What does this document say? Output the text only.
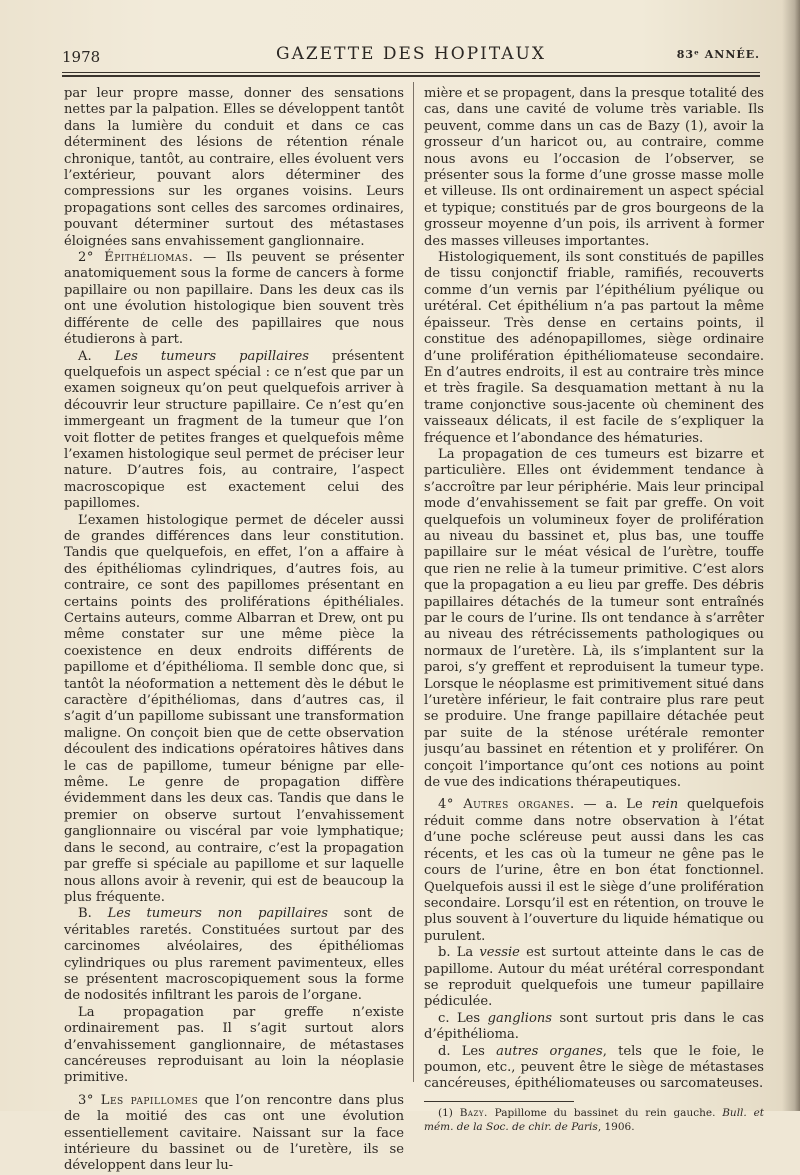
1978	GAZETTE DES HOPITAUX	83ᵉ ANNÉE.

par leur propre masse, donner des sensations nettes par la palpation. Elles se développent tantôt dans la lumière du conduit et dans ce cas déterminent des lésions de rétention rénale chronique, tantôt, au contraire, elles évoluent vers l’extérieur, pouvant alors déterminer des compressions sur les organes voisins. Leurs propagations sont celles des sarcomes ordinaires, pouvant déterminer surtout des métastases éloignées sans envahissement ganglionnaire.

2° Épithéliomas. — Ils peuvent se présenter anatomiquement sous la forme de cancers à forme papillaire ou non papillaire. Dans les deux cas ils ont une évolution histologique bien souvent très différente de celle des papillaires que nous étudierons à part.

A. Les tumeurs papillaires présentent quelquefois un aspect spécial : ce n’est que par un examen soigneux qu’on peut quelquefois arriver à découvrir leur structure papillaire. Ce n’est qu’en immergeant un fragment de la tumeur que l’on voit flotter de petites franges et quelquefois même l’examen histologique seul permet de préciser leur nature. D’autres fois, au contraire, l’aspect macroscopique est exactement celui des papillomes.

L’examen histologique permet de déceler aussi de grandes différences dans leur constitution. Tandis que quelquefois, en effet, l’on a affaire à des épithéliomas cylindriques, d’autres fois, au contraire, ce sont des papillomes présentant en certains points des proliférations épithéliales. Certains auteurs, comme Albarran et Drew, ont pu même constater sur une même pièce la coexistence en deux endroits différents de papillome et d’épithélioma. Il semble donc que, si tantôt la néoformation a nettement dès le début le caractère d’épithéliomas, dans d’autres cas, il s’agit d’un papillome subissant une transformation maligne. On conçoit bien que de cette observation découlent des indications opératoires hâtives dans le cas de papillome, tumeur bénigne par elle-même. Le genre de propagation diffère évidemment dans les deux cas. Tandis que dans le premier on observe surtout l’envahissement ganglionnaire ou viscéral par voie lymphatique; dans le second, au contraire, c’est la propagation par greffe si spéciale au papillome et sur laquelle nous allons avoir à revenir, qui est de beaucoup la plus fréquente.

B. Les tumeurs non papillaires sont de véritables raretés. Constituées surtout par des carcinomes alvéolaires, des épithéliomas cylindriques ou plus rarement pavimenteux, elles se présentent macroscopiquement sous la forme de nodosités infiltrant les parois de l’organe.

La propagation par greffe n’existe ordinairement pas. Il s’agit surtout alors d’envahissement ganglionnaire, de métastases cancéreuses reproduisant au loin la néoplasie primitive.

3° Les papillomes que l’on rencontre dans plus de la moitié des cas ont une évolution essentiellement cavitaire. Naissant sur la face intérieure du bassinet ou de l’uretère, ils se développent dans leur lu-

mière et se propagent, dans la presque totalité des cas, dans une cavité de volume très variable. Ils peuvent, comme dans un cas de Bazy (1), avoir la grosseur d’un haricot ou, au contraire, comme nous avons eu l’occasion de l’observer, se présenter sous la forme d’une grosse masse molle et villeuse. Ils ont ordinairement un aspect spécial et typique; constitués par de gros bourgeons de la grosseur moyenne d’un pois, ils arrivent à former des masses villeuses importantes.

Histologiquement, ils sont constitués de papilles de tissu conjonctif friable, ramifiés, recouverts comme d’un vernis par l’épithélium pyélique ou urétéral. Cet épithélium n’a pas partout la même épaisseur. Très dense en certains points, il constitue des adénopapillomes, siège ordinaire d’une prolifération épithéliomateuse secondaire. En d’autres endroits, il est au contraire très mince et très fragile. Sa desquamation mettant à nu la trame conjonctive sous-jacente où cheminent des vaisseaux délicats, il est facile de s’expliquer la fréquence et l’abondance des hématuries.

La propagation de ces tumeurs est bizarre et particulière. Elles ont évidemment tendance à s’accroître par leur périphérie. Mais leur principal mode d’envahissement se fait par greffe. On voit quelquefois un volumineux foyer de prolifération au niveau du bassinet et, plus bas, une touffe papillaire sur le méat vésical de l’urètre, touffe que rien ne relie à la tumeur primitive. C’est alors que la propagation a eu lieu par greffe. Des débris papillaires détachés de la tumeur sont entraînés par le cours de l’urine. Ils ont tendance à s’arrêter au niveau des rétrécissements pathologiques ou normaux de l’uretère. Là, ils s’implantent sur la paroi, s’y greffent et reproduisent la tumeur type. Lorsque le néoplasme est primitivement situé dans l’uretère inférieur, le fait contraire plus rare peut se produire. Une frange papillaire détachée peut par suite de la sténose urétérale remonter jusqu’au bassinet en rétention et y proliférer. On conçoit l’importance qu’ont ces notions au point de vue des indications thérapeutiques.

4° Autres organes. — a. Le rein quelquefois réduit comme dans notre observation à l’état d’une poche scléreuse peut aussi dans les cas récents, et les cas où la tumeur ne gêne pas le cours de l’urine, être en bon état fonctionnel. Quelquefois aussi il est le siège d’une prolifération secondaire. Lorsqu’il est en rétention, on trouve le plus souvent à l’ouverture du liquide hématique ou purulent.

b. La vessie est surtout atteinte dans le cas de papillome. Autour du méat urétéral correspondant se reproduit quelquefois une tumeur papillaire pédiculée.

c. Les ganglions sont surtout pris dans le cas d’épithélioma.

d. Les autres organes, tels que le foie, le poumon, etc., peuvent être le siège de métastases cancéreuses, épithéliomateuses ou sarcomateuses.

(1) Bazy. Papillome du bassinet du rein gauche. Bull. et mém. de la Soc. de chir. de Paris, 1906.
